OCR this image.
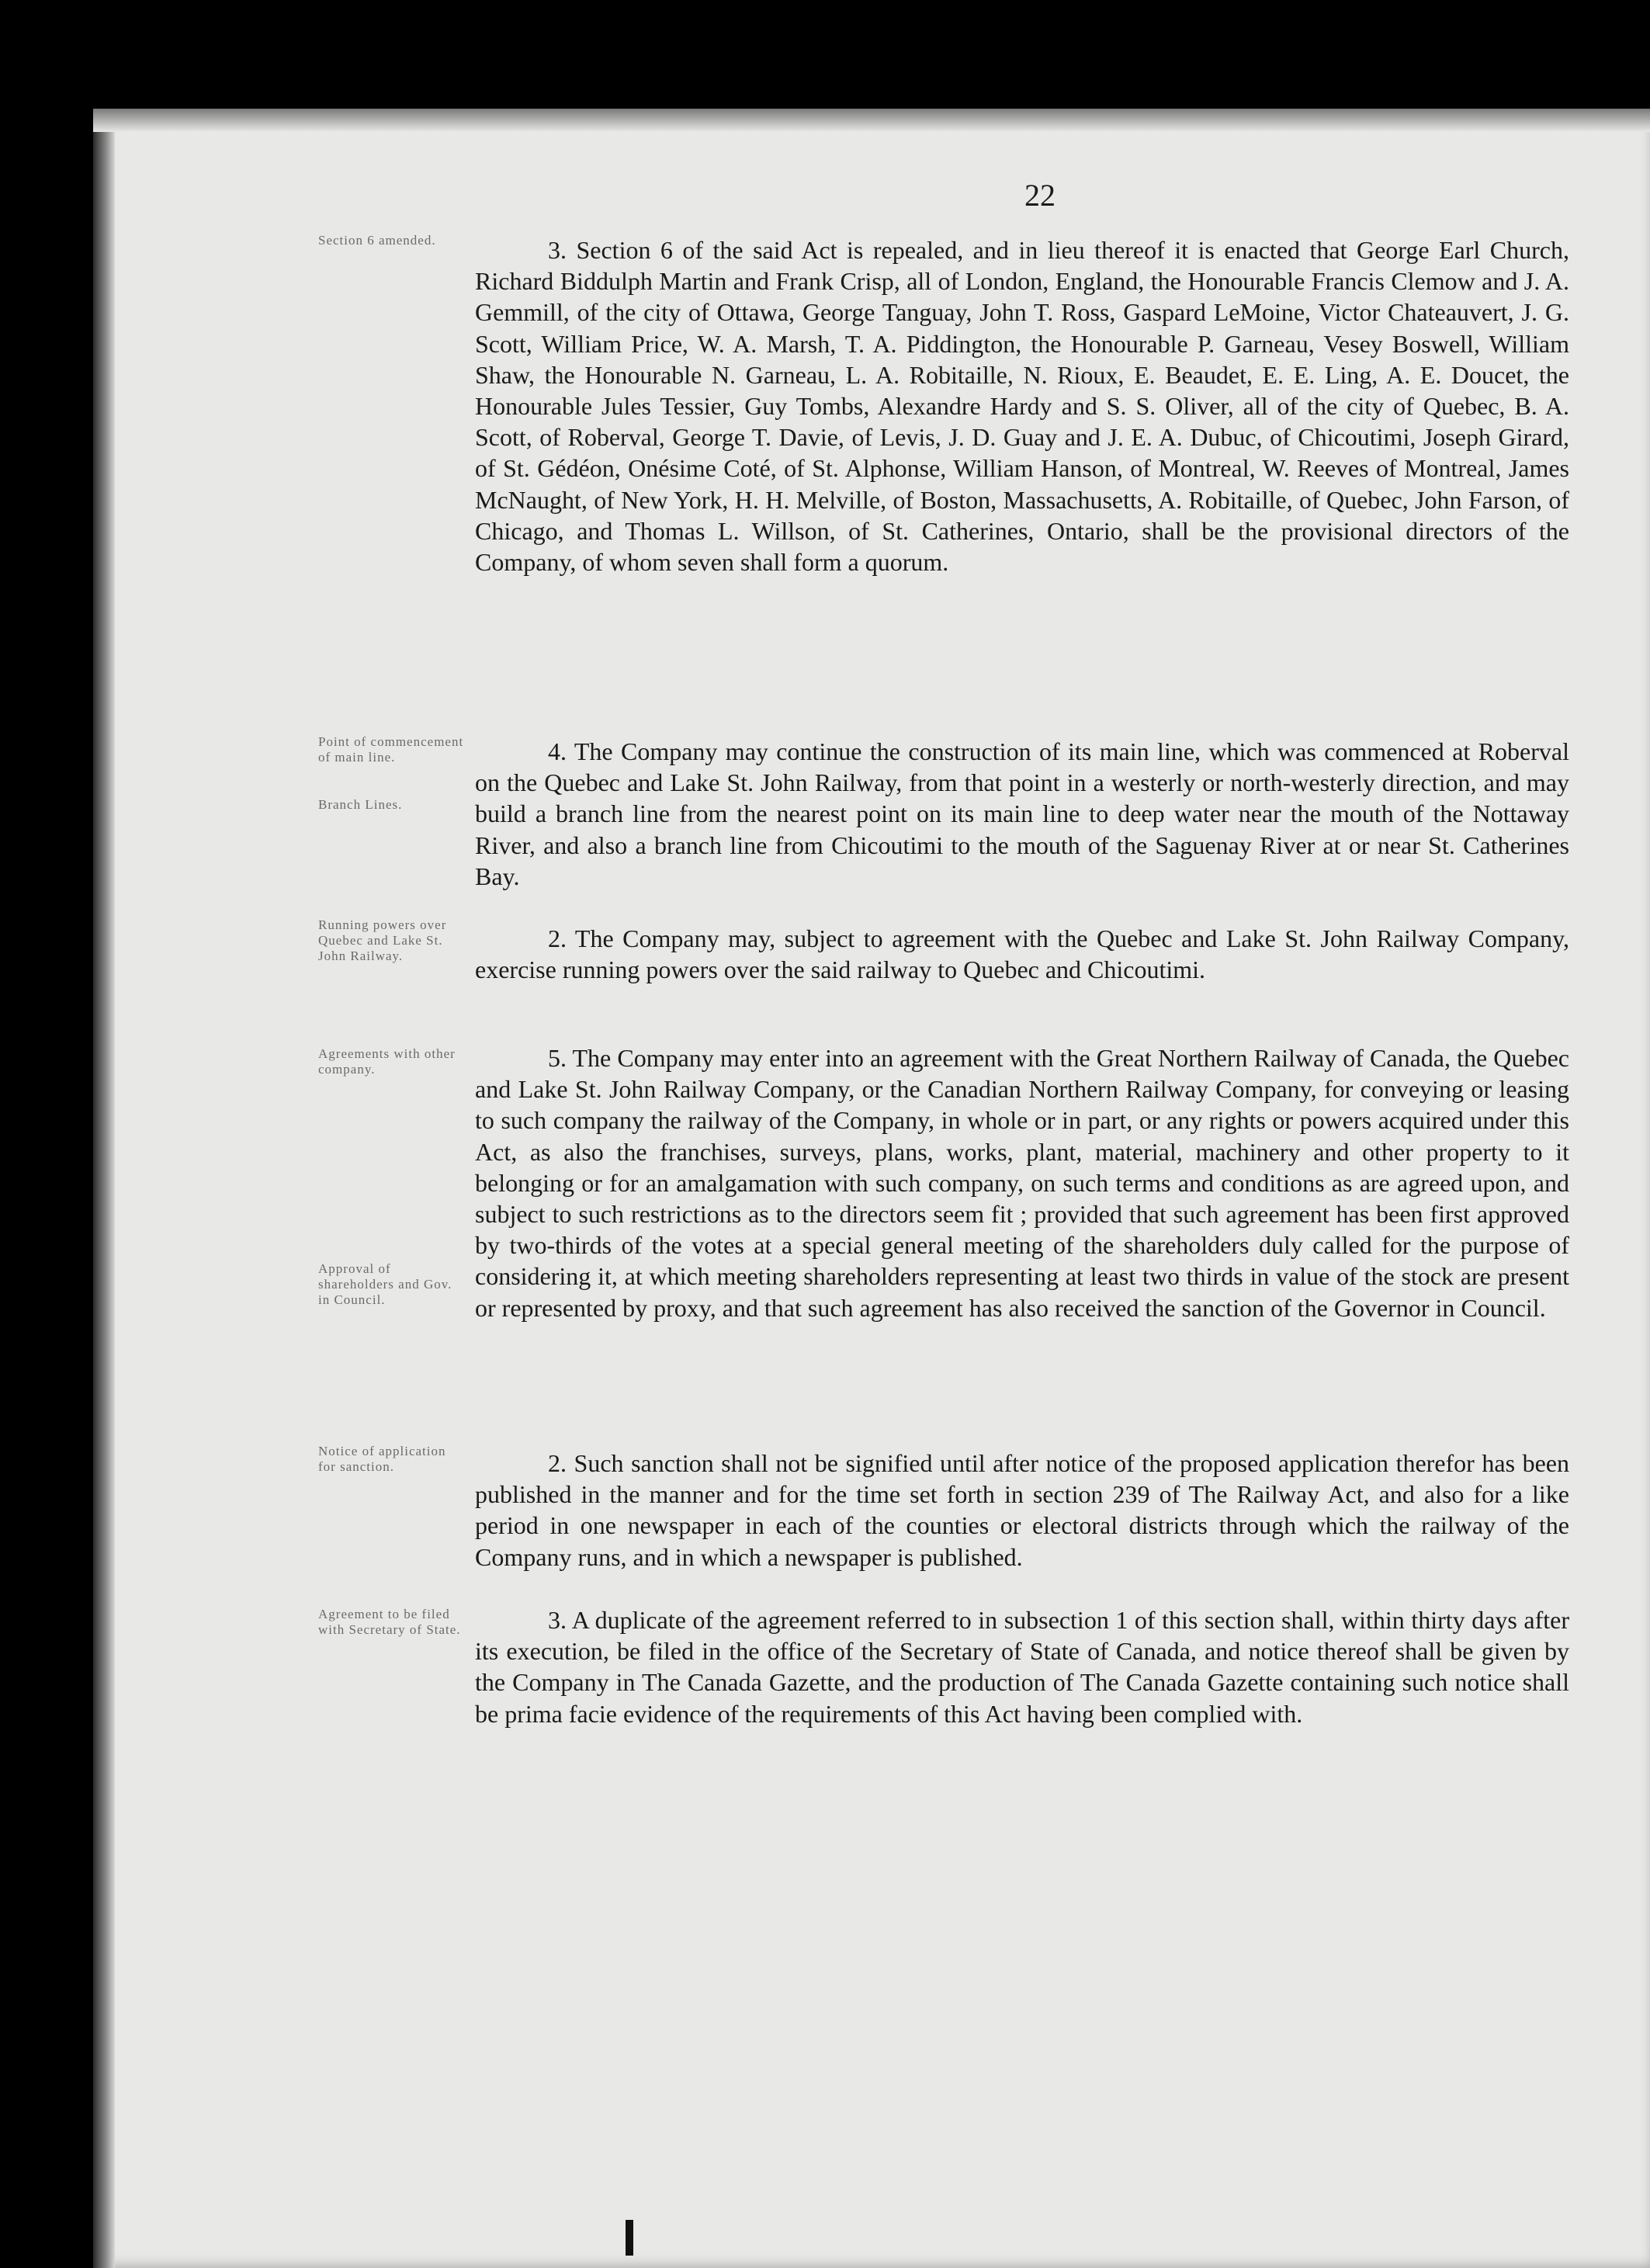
22
Section 6 amended.
Point of commencement of main line.
Branch Lines.
Running powers over Quebec and Lake St. John Railway.
Agreements with other company.
Approval of shareholders and Gov. in Council.
Notice of application for sanction.
Agreement to be filed with Secretary of State.
3. Section 6 of the said Act is repealed, and in lieu thereof it is enacted that George Earl Church, Richard Biddulph Martin and Frank Crisp, all of London, England, the Honourable Francis Clemow and J. A. Gemmill, of the city of Ottawa, George Tanguay, John T. Ross, Gaspard LeMoine, Victor Chateauvert, J. G. Scott, William Price, W. A. Marsh, T. A. Piddington, the Honourable P. Garneau, Vesey Boswell, William Shaw, the Honourable N. Garneau, L. A. Robitaille, N. Rioux, E. Beaudet, E. E. Ling, A. E. Doucet, the Honourable Jules Tessier, Guy Tombs, Alexandre Hardy and S. S. Oliver, all of the city of Quebec, B. A. Scott, of Roberval, George T. Davie, of Levis, J. D. Guay and J. E. A. Dubuc, of Chicoutimi, Joseph Girard, of St. Gédéon, Onésime Coté, of St. Alphonse, William Hanson, of Montreal, W. Reeves of Montreal, James McNaught, of New York, H. H. Melville, of Boston, Massachusetts, A. Robitaille, of Quebec, John Farson, of Chicago, and Thomas L. Willson, of St. Catherines, Ontario, shall be the provisional directors of the Company, of whom seven shall form a quorum.
4. The Company may continue the construction of its main line, which was commenced at Roberval on the Quebec and Lake St. John Railway, from that point in a westerly or north-westerly direction, and may build a branch line from the nearest point on its main line to deep water near the mouth of the Nottaway River, and also a branch line from Chicoutimi to the mouth of the Saguenay River at or near St. Catherines Bay.
2. The Company may, subject to agreement with the Quebec and Lake St. John Railway Company, exercise running powers over the said railway to Quebec and Chicoutimi.
5. The Company may enter into an agreement with the Great Northern Railway of Canada, the Quebec and Lake St. John Railway Company, or the Canadian Northern Railway Company, for conveying or leasing to such company the railway of the Company, in whole or in part, or any rights or powers acquired under this Act, as also the franchises, surveys, plans, works, plant, material, machinery and other property to it belonging or for an amalgamation with such company, on such terms and conditions as are agreed upon, and subject to such restrictions as to the directors seem fit ; provided that such agreement has been first approved by two-thirds of the votes at a special general meeting of the shareholders duly called for the purpose of considering it, at which meeting shareholders representing at least two thirds in value of the stock are present or represented by proxy, and that such agreement has also received the sanction of the Governor in Council.
2. Such sanction shall not be signified until after notice of the proposed application therefor has been published in the manner and for the time set forth in section 239 of The Railway Act, and also for a like period in one newspaper in each of the counties or electoral districts through which the railway of the Company runs, and in which a newspaper is published.
3. A duplicate of the agreement referred to in subsection 1 of this section shall, within thirty days after its execution, be filed in the office of the Secretary of State of Canada, and notice thereof shall be given by the Company in The Canada Gazette, and the production of The Canada Gazette containing such notice shall be prima facie evidence of the requirements of this Act having been complied with.
